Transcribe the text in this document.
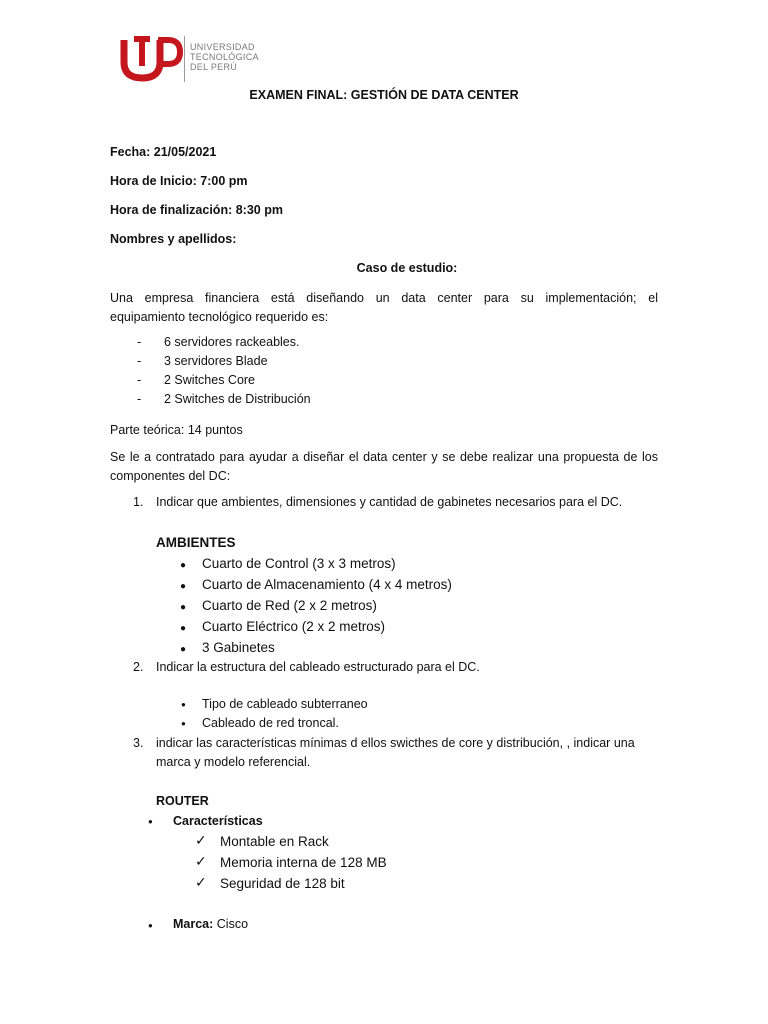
UNIVERSIDAD
TECNOLÓGICA
DEL PERÚ
EXAMEN FINAL: GESTIÓN DE DATA CENTER
Fecha: 21/05/2021
Hora de Inicio: 7:00 pm
Hora de finalización: 8:30 pm
Nombres y apellidos:
Caso de estudio:
Una empresa financiera está diseñando un data center para su implementación; el
equipamiento tecnológico requerido es:
- 6 servidores rackeables.
- 3 servidores Blade
- 2 Switches Core
- 2 Switches de Distribución
Parte teórica: 14 puntos
Se le a contratado para ayudar a diseñar el data center y se debe realizar una propuesta de los
componentes del DC:
1. Indicar que ambientes, dimensiones y cantidad de gabinetes necesarios para el DC.
AMBIENTES
● Cuarto de Control (3 x 3 metros)
● Cuarto de Almacenamiento (4 x 4 metros)
● Cuarto de Red (2 x 2 metros)
● Cuarto Eléctrico (2 x 2 metros)
● 3 Gabinetes
2. Indicar la estructura del cableado estructurado para el DC.
● Tipo de cableado subterraneo
● Cableado de red troncal.
3. indicar las características mínimas d ellos swicthes de core y distribución, , indicar una
marca y modelo referencial.
ROUTER
● Características
✓ Montable en Rack
✓ Memoria interna de 128 MB
✓ Seguridad de 128 bit
● Marca: Cisco
